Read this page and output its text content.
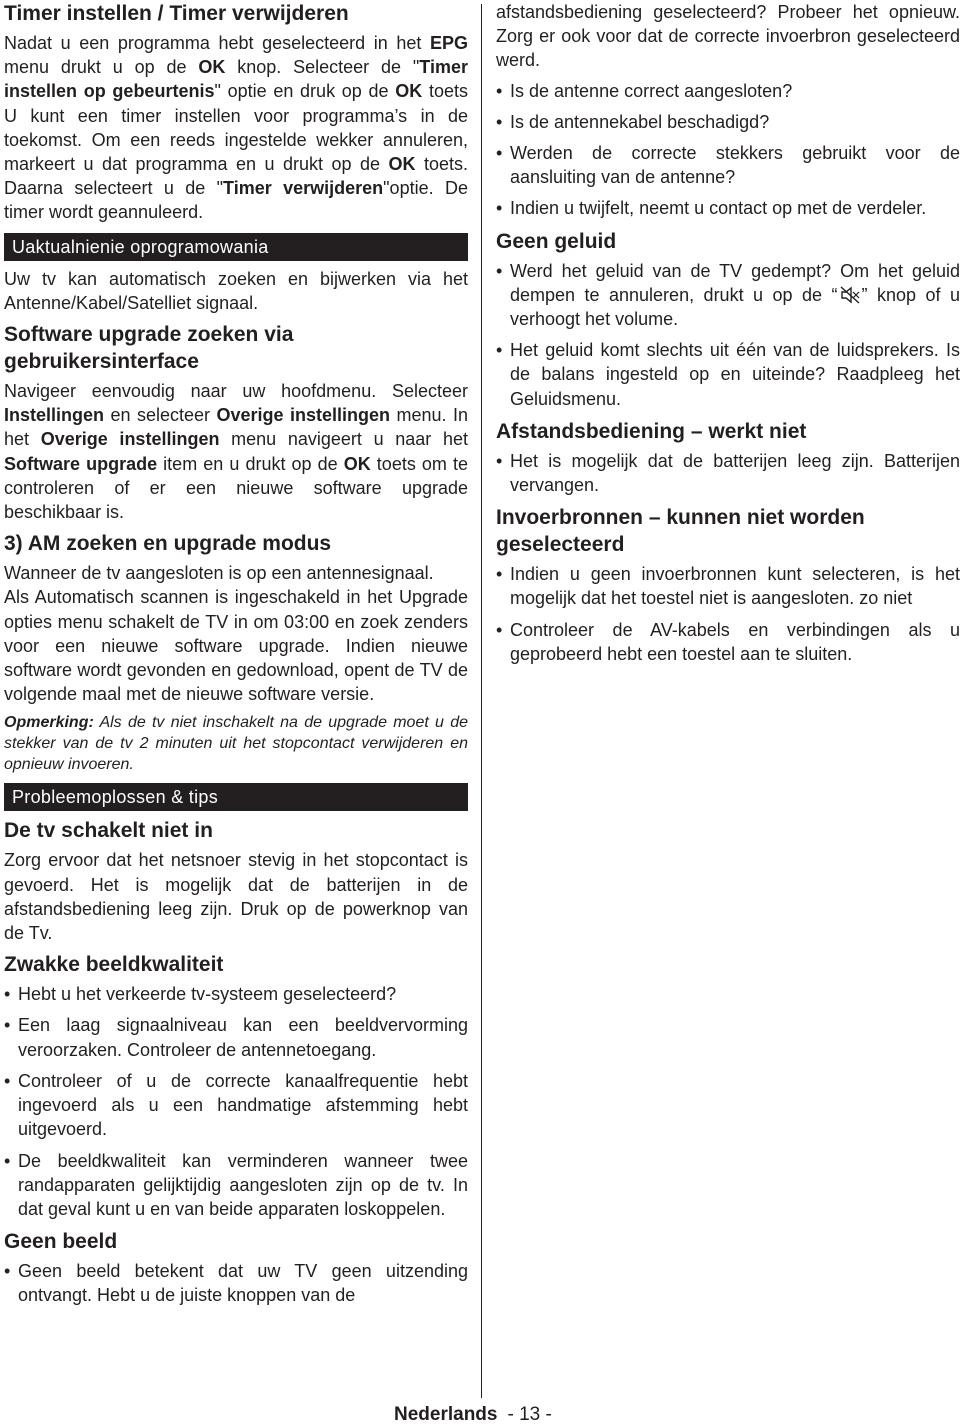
Timer instellen / Timer verwijderen

Nadat u een programma hebt geselecteerd in het EPG menu drukt u op de OK knop. Selecteer de "Timer instellen op gebeurtenis" optie en druk op de OK toets U kunt een timer instellen voor programma’s in de toekomst. Om een reeds ingestelde wekker annuleren, markeert u dat programma en u drukt op de OK toets. Daarna selecteert u de "Timer verwijderen"optie. De timer wordt geannuleerd.

Uaktualnienie oprogramowania

Uw tv kan automatisch zoeken en bijwerken via het Antenne/Kabel/Satelliet signaal.

Software upgrade zoeken via gebruikersinterface

Navigeer eenvoudig naar uw hoofdmenu. Selecteer Instellingen en selecteer Overige instellingen menu. In het Overige instellingen menu navigeert u naar het Software upgrade item en u drukt op de OK toets om te controleren of er een nieuwe software upgrade beschikbaar is.

3) AM zoeken en upgrade modus

Wanneer de tv aangesloten is op een antennesignaal.

Als Automatisch scannen is ingeschakeld in het Upgrade opties menu schakelt de TV in om 03:00 en zoek zenders voor een nieuwe software upgrade. Indien nieuwe software wordt gevonden en gedownload, opent de TV de volgende maal met de nieuwe software versie.

Opmerking: Als de tv niet inschakelt na de upgrade moet u de stekker van de tv 2 minuten uit het stopcontact verwijderen en opnieuw invoeren.

Probleemoplossen & tips
De tv schakelt niet in

Zorg ervoor dat het netsnoer stevig in het stopcontact is gevoerd. Het is mogelijk dat de batterijen in de afstandsbediening leeg zijn. Druk op de powerknop van de Tv.

Zwakke beeldkwaliteit
• Hebt u het verkeerde tv-systeem geselecteerd?
• Een laag signaalniveau kan een beeldvervorming veroorzaken. Controleer de antennetoegang.
• Controleer of u de correcte kanaalfrequentie hebt ingevoerd als u een handmatige afstemming hebt uitgevoerd.
• De beeldkwaliteit kan verminderen wanneer twee randapparaten gelijktijdig aangesloten zijn op de tv. In dat geval kunt u en van beide apparaten loskoppelen.
Geen beeld
• Geen beeld betekent dat uw TV geen uitzending ontvangt. Hebt u de juiste knoppen van de

afstandsbediening geselecteerd? Probeer het opnieuw. Zorg er ook voor dat de correcte invoerbron geselecteerd werd.

• Is de antenne correct aangesloten?
• Is de antennekabel beschadigd?
• Werden de correcte stekkers gebruikt voor de aansluiting van de antenne?
• Indien u twijfelt, neemt u contact op met de verdeler.
Geen geluid
• Werd het geluid van de TV gedempt? Om het geluid dempen te annuleren, drukt u op de “ ” knop of u verhoogt het volume.
• Het geluid komt slechts uit één van de luidsprekers. Is de balans ingesteld op en uiteinde? Raadpleeg het Geluidsmenu.
Afstandsbediening – werkt niet
• Het is mogelijk dat de batterijen leeg zijn. Batterijen vervangen.
Invoerbronnen – kunnen niet worden geselecteerd
• Indien u geen invoerbronnen kunt selecteren, is het mogelijk dat het toestel niet is aangesloten. zo niet
• Controleer de AV-kabels en verbindingen als u geprobeerd hebt een toestel aan te sluiten.
Nederlands - 13 -
